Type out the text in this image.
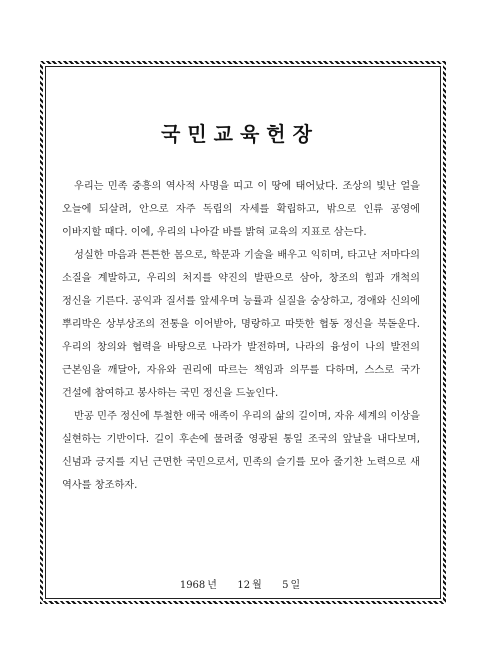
국민교육헌장

우리는 민족 중흥의 역사적 사명을 띠고 이 땅에 태어났다. 조상의 빛난 얼을 오늘에 되살려, 안으로 자주 독립의 자세를 확립하고, 밖으로 인류 공영에 이바지할 때다. 이에, 우리의 나아갈 바를 밝혀 교육의 지표로 삼는다.

성실한 마음과 튼튼한 몸으로, 학문과 기술을 배우고 익히며, 타고난 저마다의 소질을 계발하고, 우리의 처지를 약진의 발판으로 삼아, 창조의 힘과 개척의 정신을 기른다. 공익과 질서를 앞세우며 능률과 실질을 숭상하고, 경애와 신의에 뿌리박은 상부상조의 전통을 이어받아, 명랑하고 따뜻한 협동 정신을 북돋운다. 우리의 창의와 협력을 바탕으로 나라가 발전하며, 나라의 융성이 나의 발전의 근본임을 깨달아, 자유와 권리에 따르는 책임과 의무를 다하며, 스스로 국가 건설에 참여하고 봉사하는 국민 정신을 드높인다.

반공 민주 정신에 투철한 애국 애족이 우리의 삶의 길이며, 자유 세계의 이상을 실현하는 기반이다. 길이 후손에 물려줄 영광된 통일 조국의 앞날을 내다보며, 신념과 긍지를 지닌 근면한 국민으로서, 민족의 슬기를 모아 줄기찬 노력으로 새 역사를 창조하자.

1968 년 12 월 5 일
